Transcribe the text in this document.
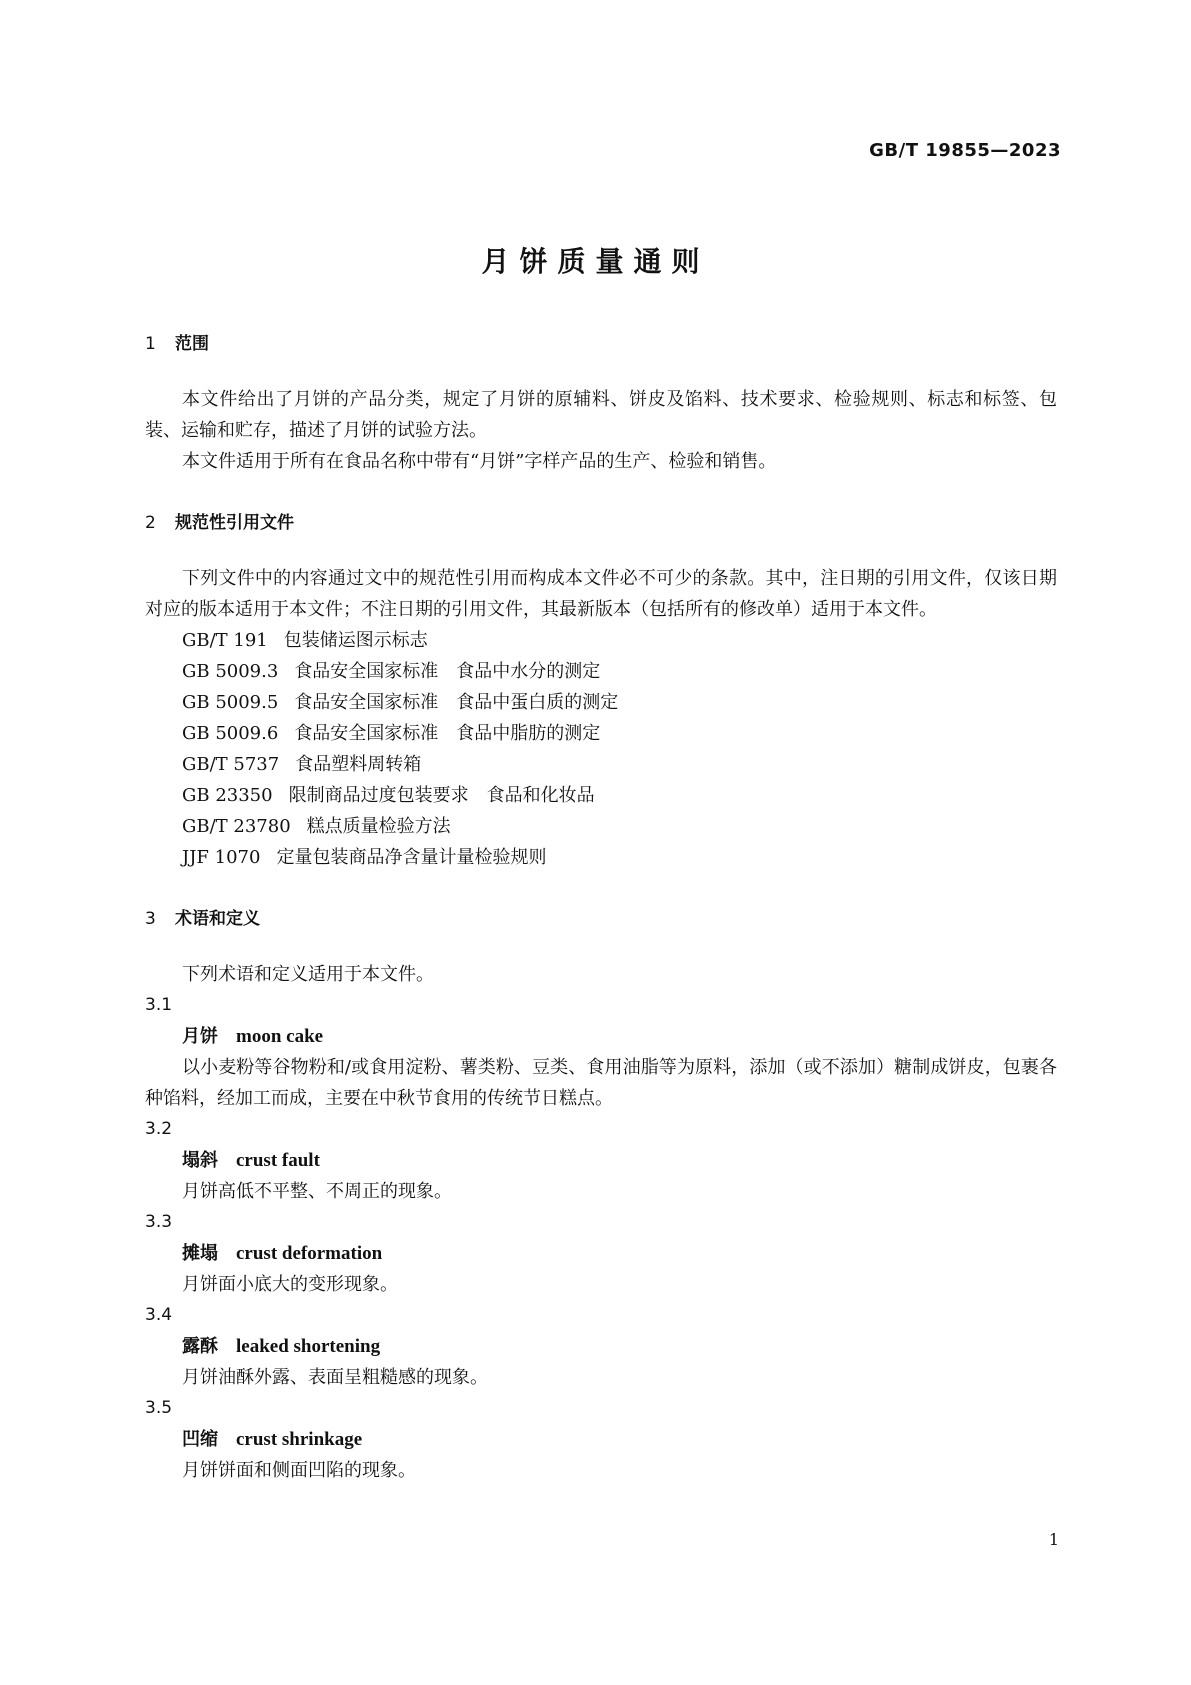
GB/T 19855—2023
月饼质量通则
1 范围

本文件给出了月饼的产品分类，规定了月饼的原辅料、饼皮及馅料、技术要求、检验规则、标志和标签、包装、运输和贮存，描述了月饼的试验方法。

本文件适用于所有在食品名称中带有“月饼”字样产品的生产、检验和销售。

2 规范性引用文件

下列文件中的内容通过文中的规范性引用而构成本文件必不可少的条款。其中，注日期的引用文件，仅该日期对应的版本适用于本文件；不注日期的引用文件，其最新版本（包括所有的修改单）适用于本文件。

GB/T 191 包装储运图示标志
GB 5009.3 食品安全国家标准　食品中水分的测定
GB 5009.5 食品安全国家标准　食品中蛋白质的测定
GB 5009.6 食品安全国家标准　食品中脂肪的测定
GB/T 5737 食品塑料周转箱
GB 23350 限制商品过度包装要求　食品和化妆品
GB/T 23780 糕点质量检验方法
JJF 1070 定量包装商品净含量计量检验规则
3 术语和定义

下列术语和定义适用于本文件。

3.1
月饼 moon cake

以小麦粉等谷物粉和/或食用淀粉、薯类粉、豆类、食用油脂等为原料，添加（或不添加）糖制成饼皮，包裹各种馅料，经加工而成，主要在中秋节食用的传统节日糕点。

3.2
塌斜 crust fault

月饼高低不平整、不周正的现象。

3.3
摊塌 crust deformation

月饼面小底大的变形现象。

3.4
露酥 leaked shortening

月饼油酥外露、表面呈粗糙感的现象。

3.5
凹缩 crust shrinkage

月饼饼面和侧面凹陷的现象。

1
